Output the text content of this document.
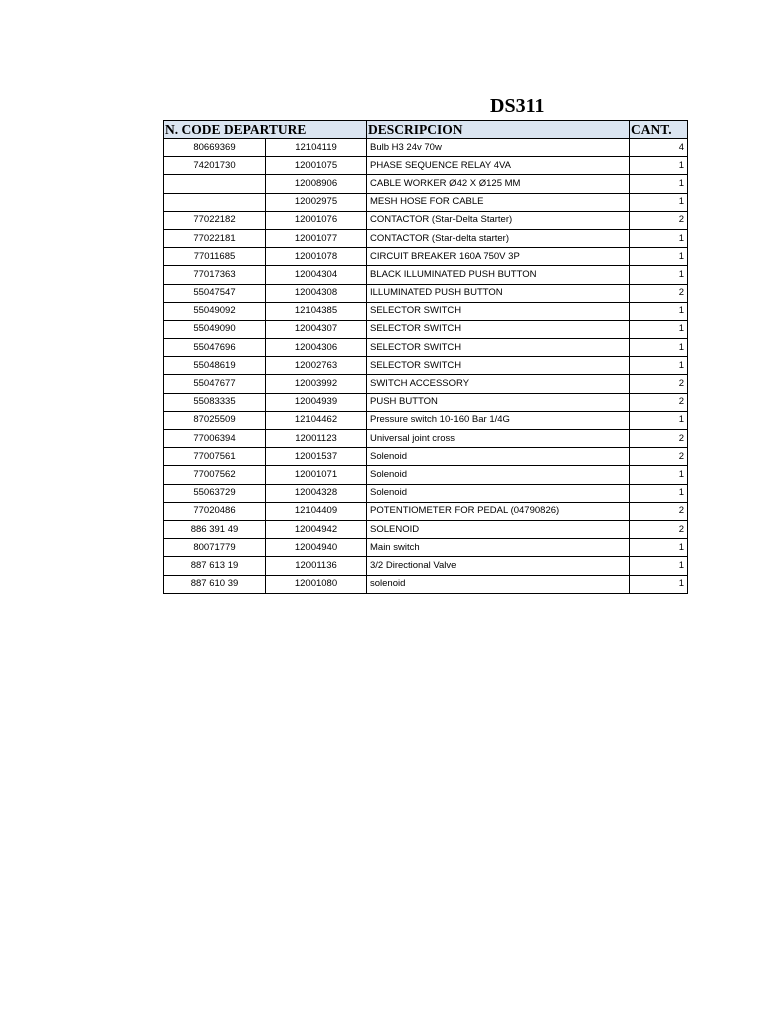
DS311
N. CODE DEPARTURE		DESCRIPCION	CANT.
80669369	12104119	Bulb H3 24v 70w	4
74201730	12001075	PHASE SEQUENCE RELAY 4VA	1
	12008906	CABLE WORKER Ø42 X Ø125 MM	1
	12002975	MESH HOSE FOR CABLE	1
77022182	12001076	CONTACTOR (Star-Delta Starter)	2
77022181	12001077	CONTACTOR (Star-delta starter)	1
77011685	12001078	CIRCUIT BREAKER 160A 750V 3P	1
77017363	12004304	BLACK ILLUMINATED PUSH BUTTON	1
55047547	12004308	ILLUMINATED PUSH BUTTON	2
55049092	12104385	SELECTOR SWITCH	1
55049090	12004307	SELECTOR SWITCH	1
55047696	12004306	SELECTOR SWITCH	1
55048619	12002763	SELECTOR SWITCH	1
55047677	12003992	SWITCH ACCESSORY	2
55083335	12004939	PUSH BUTTON	2
87025509	12104462	Pressure switch 10-160 Bar 1/4G	1
77006394	12001123	Universal joint cross	2
77007561	12001537	Solenoid	2
77007562	12001071	Solenoid	1
55063729	12004328	Solenoid	1
77020486	12104409	POTENTIOMETER FOR PEDAL (04790826)	2
886 391 49	12004942	SOLENOID	2
80071779	12004940	Main switch	1
887 613 19	12001136	3/2 Directional Valve	1
887 610 39	12001080	solenoid	1
